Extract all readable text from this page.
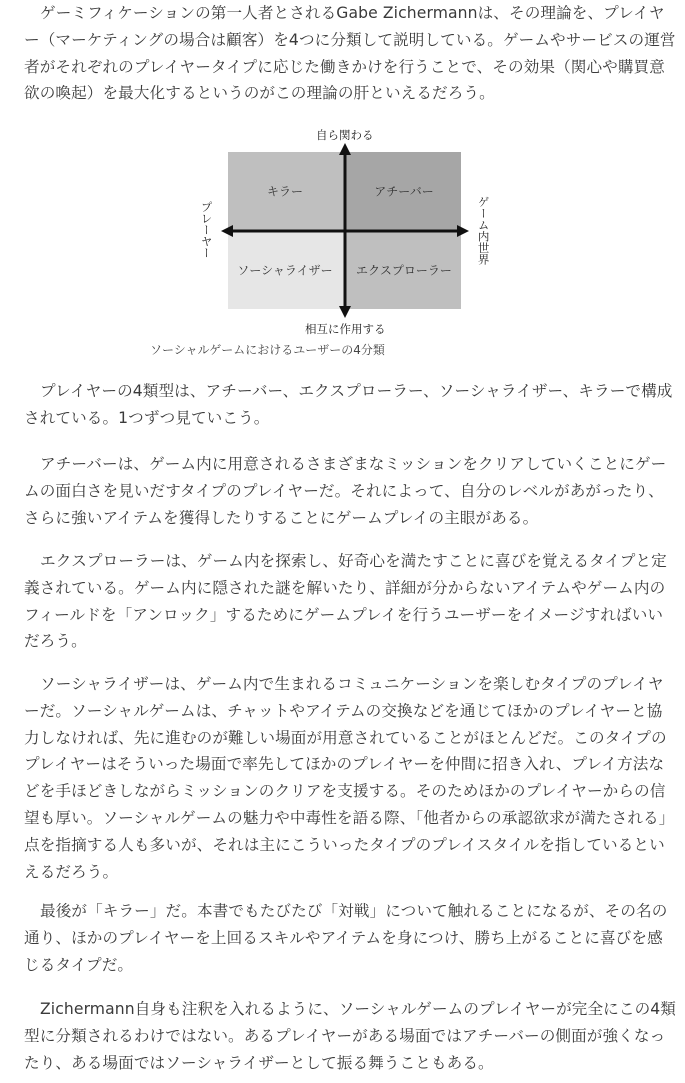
ゲーミフィケーションの第一人者とされるGabe Zichermannは、その理論を、プレイヤー（マーケティングの場合は顧客）を4つに分類して説明している。ゲームやサービスの運営者がそれぞれのプレイヤータイプに応じた働きかけを行うことで、その効果（関心や購買意欲の喚起）を最大化するというのがこの理論の肝といえるだろう。

キラー	アチーバー
ソーシャライザー エクスプローラー
自ら関わる
相互に作用する
プレーヤー	ゲーム内世界
ソーシャルゲームにおけるユーザーの4分類

プレイヤーの4類型は、アチーバー、エクスプローラー、ソーシャライザー、キラーで構成されている。1つずつ見ていこう。

アチーバーは、ゲーム内に用意されるさまざまなミッションをクリアしていくことにゲームの面白さを見いだすタイプのプレイヤーだ。それによって、自分のレベルがあがったり、さらに強いアイテムを獲得したりすることにゲームプレイの主眼がある。

エクスプローラーは、ゲーム内を探索し、好奇心を満たすことに喜びを覚えるタイプと定義されている。ゲーム内に隠された謎を解いたり、詳細が分からないアイテムやゲーム内のフィールドを「アンロック」するためにゲームプレイを行うユーザーをイメージすればいいだろう。

ソーシャライザーは、ゲーム内で生まれるコミュニケーションを楽しむタイプのプレイヤーだ。ソーシャルゲームは、チャットやアイテムの交換などを通じてほかのプレイヤーと協力しなければ、先に進むのが難しい場面が用意されていることがほとんどだ。このタイプのプレイヤーはそういった場面で率先してほかのプレイヤーを仲間に招き入れ、プレイ方法などを手ほどきしながらミッションのクリアを支援する。そのためほかのプレイヤーからの信望も厚い。ソーシャルゲームの魅力や中毒性を語る際、「他者からの承認欲求が満たされる」点を指摘する人も多いが、それは主にこういったタイプのプレイスタイルを指しているといえるだろう。

最後が「キラー」だ。本書でもたびたび「対戦」について触れることになるが、その名の通り、ほかのプレイヤーを上回るスキルやアイテムを身につけ、勝ち上がることに喜びを感じるタイプだ。

Zichermann自身も注釈を入れるように、ソーシャルゲームのプレイヤーが完全にこの4類型に分類されるわけではない。あるプレイヤーがある場面ではアチーバーの側面が強くなったり、ある場面ではソーシャライザーとして振る舞うこともある。
